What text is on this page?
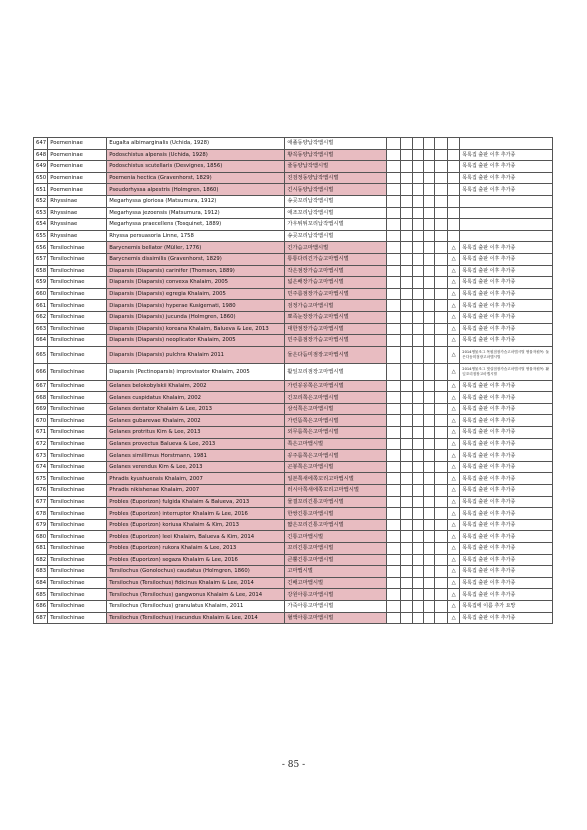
647	Poemeninae	Eugalta albimarginalis (Uchida, 1928)	애졸동양납작맵시벌							
648	Poemeninae	Podoschistus alpensis (Uchida, 1928)	황꼭동양납작맵시벌							목록집 출판 이후 추가종
649	Poemeninae	Podoschistus scutellaris (Desvignes, 1856)	줄동양납작맵시벌							목록집 출판 이후 추가종
650	Poemeninae	Poemenia hectica (Gravenhorst, 1829)	진검정동양납작맵시벌							목록집 출판 이후 추가종
651	Poemeninae	Pseudorhyssa alpestris (Holmgren, 1860)	긴시동양납작맵시벌							목록집 출판 이후 추가종
652	Rhyssinae	Megarhyssa gloriosa (Matsumura, 1912)	송곳꼬리납작맵시벌							
653	Rhyssinae	Megarhyssa jezoensis (Matsumura, 1912)	애조꼬리납작맵시벌							
654	Rhyssinae	Megarhyssa praecellens (Tosquinet, 1889)	가우튀튀꼬리납작맵시벌							
655	Rhyssinae	Rhyssa persuasoria Linne, 1758	송곳꼬리납작맵시벌							
656	Tersilochinae	Barycnemis bellator (Müller, 1776)	긴가슴고마맵시벌						△	목록집 출판 이후 추가종
657	Tersilochinae	Barycnemis dissimilis (Gravenhorst, 1829)	통통다리긴가슴고마맵시벌						△	목록집 출판 이후 추가종
658	Tersilochinae	Diaparsis (Diaparsis) carinifer (Thomson, 1889)	작은점장가슴고마맵시벌						△	목록집 출판 이후 추가종
659	Tersilochinae	Diaparsis (Diaparsis) convexa Khalaim, 2005	넓은배장가슴고마맵시벌						△	목록집 출판 이후 추가종
660	Tersilochinae	Diaparsis (Diaparsis) egregia Khalaim, 2005	민주름점장가슴고마맵시벌						△	목록집 출판 이후 추가종
661	Tersilochinae	Diaparsis (Diaparsis) hyperae Kusigemati, 1980	검정가슴고마맵시벌						△	목록집 출판 이후 추가종
662	Tersilochinae	Diaparsis (Diaparsis) jucunda (Holmgren, 1860)	뾰족눈장장가슴고마맵시벌						△	목록집 출판 이후 추가종
663	Tersilochinae	Diaparsis (Diaparsis) koreana Khalaim, Balueva & Lee, 2013	대한점장가슴고마맵시벌						△	목록집 출판 이후 추가종
664	Tersilochinae	Diaparsis (Diaparsis) neoplicator Khalaim, 2005	민주름점장가슴고마맵시벌						△	목록집 출판 이후 추가종
665	Tersilochinae	Diaparsis (Diaparsis) pulchra Khalaim 2011	둘은다듬미점장고마맵시벌						△	2014생물조그 목원점장가슴고마맵시벌 생물자원목: 둘은다듬미점장고마맵시벌

666	Tersilochinae	Diaparsis (Pectinoparsis) improvisator Khalaim, 2005	활잎꼬리점장고마맵시벌						△	2014생물조그 빗살점장가슴고마맵시벌 생물자원목: 활잎꼬리점장고마맵시벌

667	Tersilochinae	Gelanes belokobylskii Khalaim, 2002	가린꽁꽁쪽은고마맵시벌						△	목록집 출판 이후 추가종
668	Tersilochinae	Gelanes cuspidatus Khalaim, 2002	긴꼬리쪽은고마맵시벌						△	목록집 출판 이후 추가종
669	Tersilochinae	Gelanes dentator Khalaim & Lee, 2013	삼석쪽은고마맵시벌						△	목록집 출판 이후 추가종
670	Tersilochinae	Gelanes gubarevae Khalaim, 2002	가린뜸쪽은고마맵시벌						△	목록집 출판 이후 추가종
671	Tersilochinae	Gelanes protritus Kim & Lee, 2013	외무룸쪽은고마맵시벌						△	목록집 출판 이후 추가종
672	Tersilochinae	Gelanes provectus Balueva & Lee, 2013	쪽은고마맵시벌						△	목록집 출판 이후 추가종
673	Tersilochinae	Gelanes simillimus Horstmann, 1981	꽁주룸쪽은고마맵시벌						△	목록집 출판 이후 추가종
674	Tersilochinae	Gelanes verendus Kim & Lee, 2013	곤봉쪽은고마맵시벌						△	목록집 출판 이후 추가종
675	Tersilochinae	Phradis kyushuensis Khalaim, 2007	일본쪽새에쪽꼬리고마맵시벌						△	목록집 출판 이후 추가종
676	Tersilochinae	Phradis nikishenae Khalaim, 2007	러시아쪽새에쪽꼬리고마맵시벌						△	목록집 출판 이후 추가종
677	Tersilochinae	Probles (Euporizon) fulgida Khalaim & Balueva, 2013	물결꼬리긴통고마맵시벌						△	목록집 출판 이후 추가종
678	Tersilochinae	Probles (Euporizon) interruptor Khalaim & Lee, 2016	한쌍긴통고마맵시벌						△	목록집 출판 이후 추가종
679	Tersilochinae	Probles (Euporizon) koriusa Khalaim & Kim, 2013	짧은꼬리긴통고마맵시벌						△	목록집 출판 이후 추가종
680	Tersilochinae	Probles (Euporizon) leei Khalaim, Balueva & Kim, 2014	긴통고마맵시벌						△	목록집 출판 이후 추가종
681	Tersilochinae	Probles (Euporizon) rukora Khalaim & Lee, 2013	꼬리긴통고마맵시벌						△	목록집 출판 이후 추가종
682	Tersilochinae	Probles (Euporizon) segaza Khalaim & Lee, 2016	큰뿔긴통고마맵시벌						△	목록집 출판 이후 추가종
683	Tersilochinae	Tersilochus (Gonolochus) caudatus (Holmgren, 1860)	고마맵시벌						△	목록집 출판 이후 추가종
684	Tersilochinae	Tersilochus (Tersilochus) fidicinus Khalaim & Lee, 2014	긴배고마맵시벌						△	목록집 출판 이후 추가종
685	Tersilochinae	Tersilochus (Tersilochus) gangwonus Khalaim & Lee, 2014	강원아롱고마맵시벌						△	목록집 출판 이후 추가종
686	Tersilochinae	Tersilochus (Tersilochus) granulatus Khalaim, 2011	가죽아롱고마맵시벌						△	목록집에 이름 추가 요망
687	Tersilochinae	Tersilochus (Tersilochus) iracundus Khalaim & Lee, 2014	혈액아롱고마맵시벌						△	목록집 출판 이후 추가종
- 85 -
